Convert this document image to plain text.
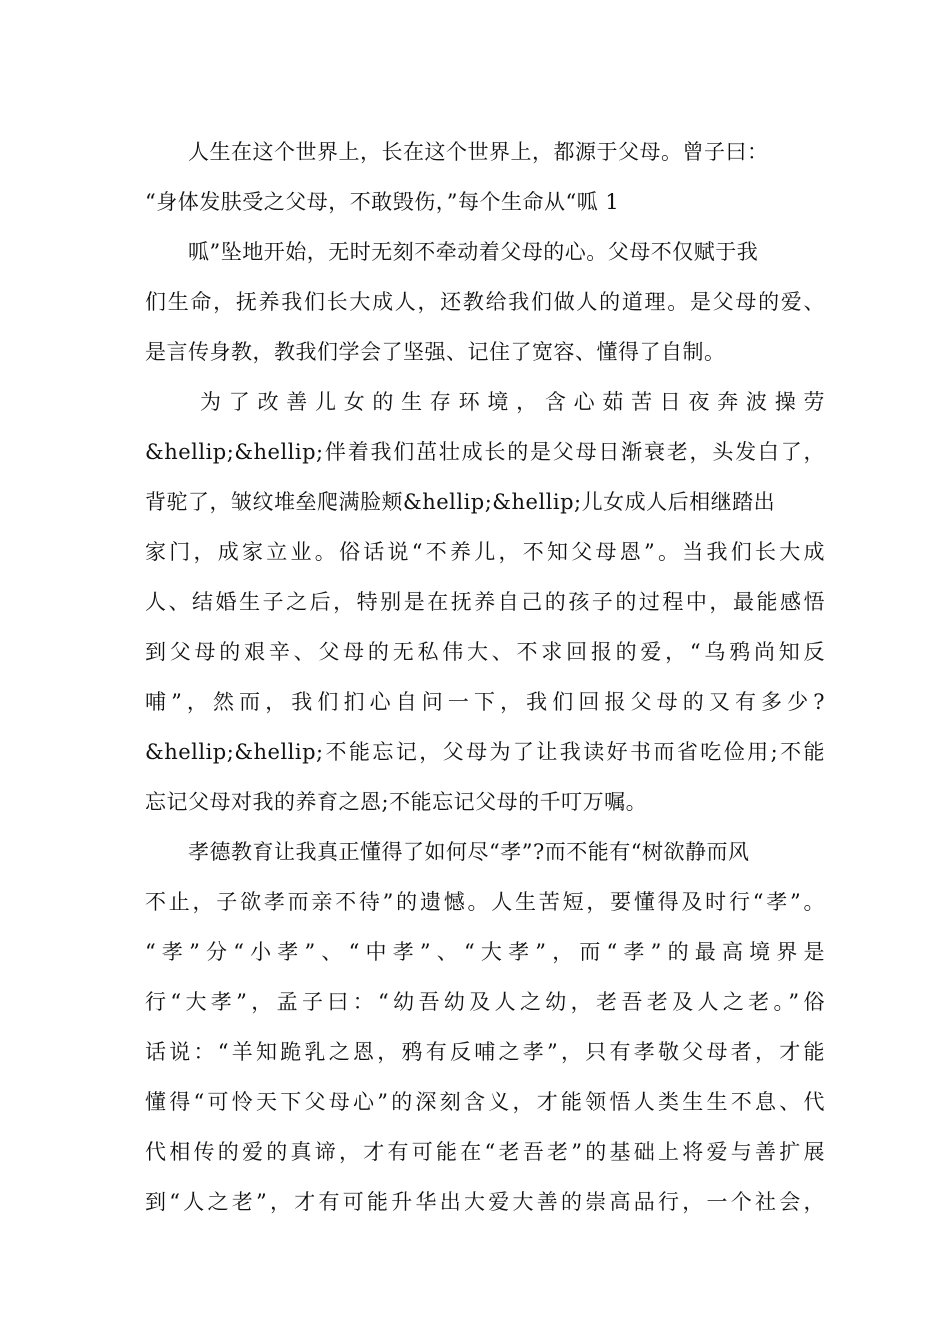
人生在这个世界上，长在这个世界上，都源于父母。曾子曰：
“身体发肤受之父母，不敢毁伤，”每个生命从“呱 1
呱”坠地开始，无时无刻不牵动着父母的心。父母不仅赋于我
们生命，抚养我们长大成人，还教给我们做人的道理。是父母的爱、
是言传身教，教我们学会了坚强、记住了宽容、懂得了自制。
为了改善儿女的生存环境，含心茹苦日夜奔波操劳
&hellip;&hellip;伴着我们茁壮成长的是父母日渐衰老，头发白了，
背驼了，皱纹堆垒爬满脸颊&hellip;&hellip;儿女成人后相继踏出
家门，成家立业。俗话说“不养儿，不知父母恩”。当我们长大成
人、结婚生子之后，特别是在抚养自己的孩子的过程中，最能感悟
到父母的艰辛、父母的无私伟大、不求回报的爱，“乌鸦尚知反
哺”，然而，我们扪心自问一下，我们回报父母的又有多少?
&hellip;&hellip;不能忘记，父母为了让我读好书而省吃俭用;不能
忘记父母对我的养育之恩;不能忘记父母的千叮万嘱。
孝德教育让我真正懂得了如何尽“孝”?而不能有“树欲静而风
不止，子欲孝而亲不待”的遗憾。人生苦短，要懂得及时行“孝”。
“孝”分“小孝”、“中孝”、“大孝”，而“孝”的最高境界是
行“大孝”，孟子曰：“幼吾幼及人之幼，老吾老及人之老。”俗
话说：“羊知跪乳之恩，鸦有反哺之孝”，只有孝敬父母者，才能
懂得“可怜天下父母心”的深刻含义，才能领悟人类生生不息、代
代相传的爱的真谛，才有可能在“老吾老”的基础上将爱与善扩展
到“人之老”，才有可能升华出大爱大善的崇高品行，一个社会，
